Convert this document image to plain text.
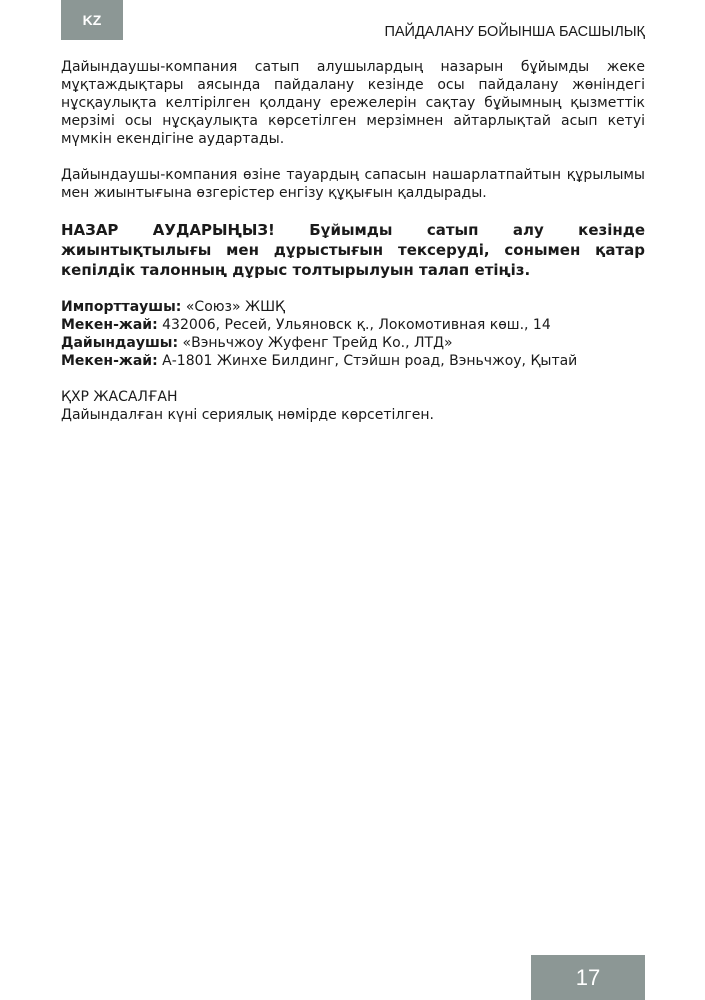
KZ
ПАЙДАЛАНУ БОЙЫНША БАСШЫЛЫҚ

Дайындаушы-компания сатып алушылардың назарын бұйымды жеке мұқтаждықтары аясында пайдалану кезінде осы пайдалану жөніндегі нұсқаулықта келтірілген қолдану ережелерін сақтау бұйымның қызметтік мерзімі осы нұсқаулықта көрсетілген мерзімнен айтарлықтай асып кетуі мүмкін екендігіне аудартады.

Дайындаушы-компания өзіне тауардың сапасын нашарлатпайтын құрылымы мен жиынтығына өзгерістер енгізу құқығын қалдырады.

НАЗАР АУДАРЫҢЫЗ! Бұйымды сатып алу кезінде жиынтықтылығы мен дұрыстығын тексеруді, сонымен қатар кепілдік талонның дұрыс толтырылуын талап етіңіз.

Импорттаушы: «Союз» ЖШҚ

Мекен-жай: 432006, Ресей, Ульяновск қ., Локомотивная көш., 14

Дайындаушы: «Вэньчжоу Жуфенг Трейд Ко., ЛТД»

Мекен-жай: А-1801 Жинхе Билдинг, Стэйшн роад, Вэньчжоу, Қытай

ҚХР ЖАСАЛҒАН

Дайындалған күні сериялық нөмірде көрсетілген.

17
